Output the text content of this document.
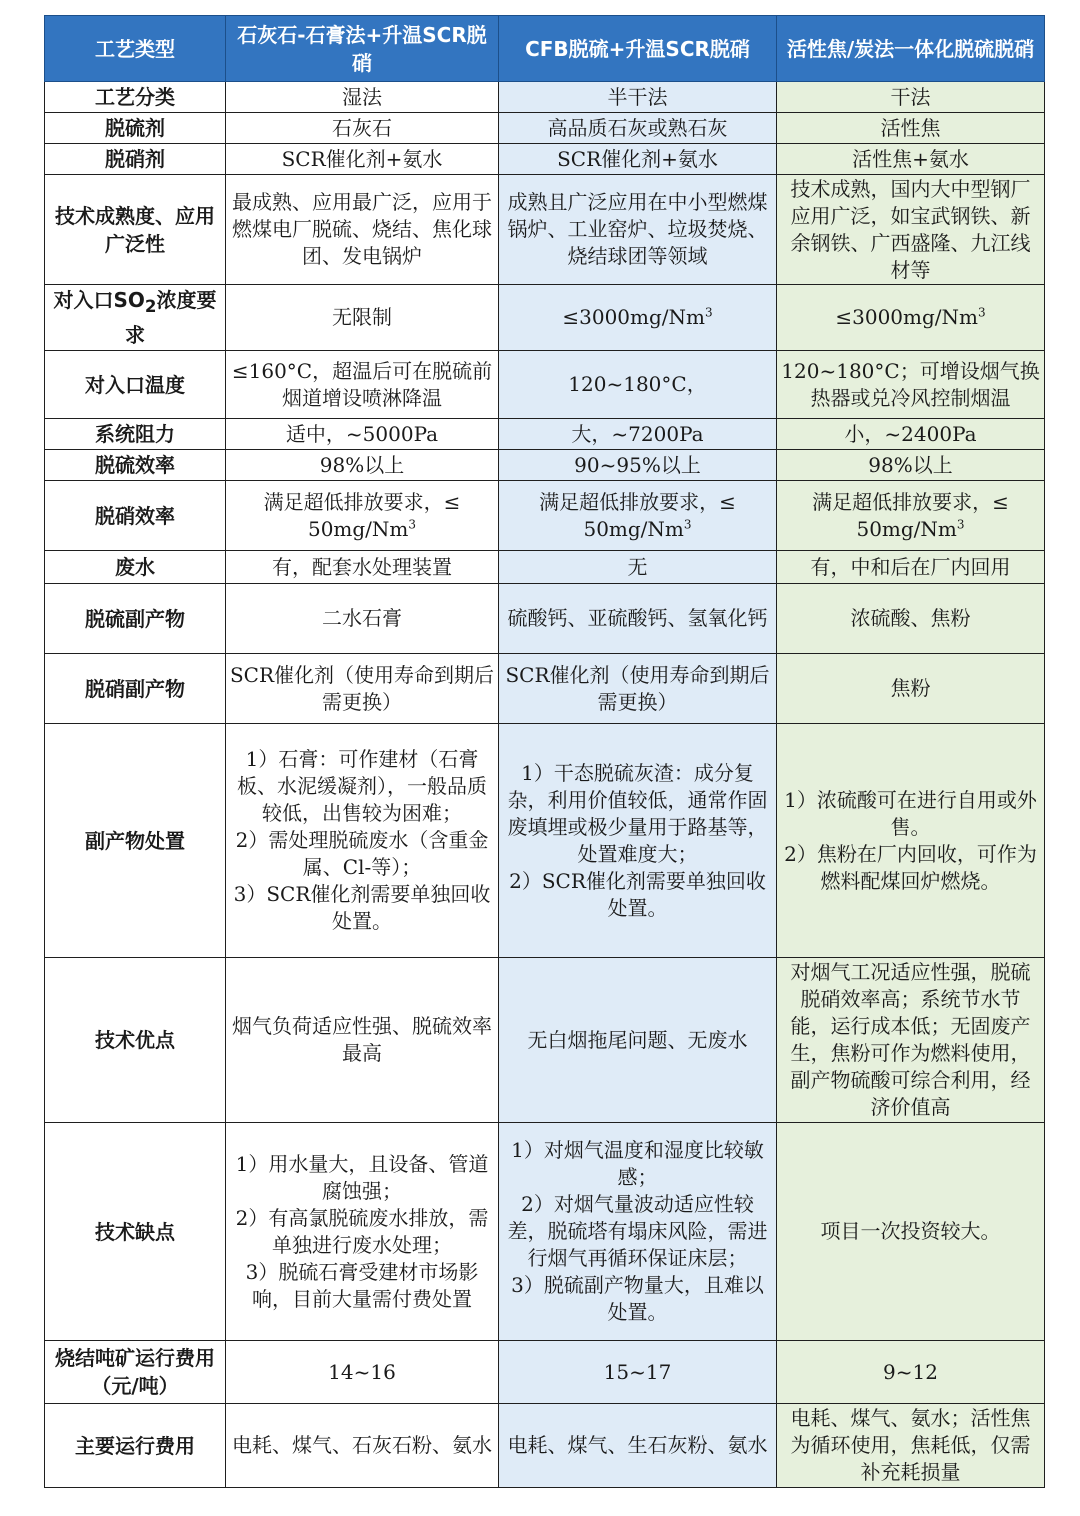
工艺类型	石灰石-石膏法+升温SCR脱硝	CFB脱硫+升温SCR脱硝	活性焦/炭法一体化脱硫脱硝
工艺分类	湿法	半干法	干法
脱硫剂	石灰石	高品质石灰或熟石灰	活性焦
脱硝剂	SCR催化剂+氨水	SCR催化剂+氨水	活性焦+氨水
技术成熟度、应用广泛性	最成熟、应用最广泛，应用于燃煤电厂脱硫、烧结、焦化球团、发电锅炉	成熟且广泛应用在中小型燃煤锅炉、工业窑炉、垃圾焚烧、烧结球团等领域	技术成熟，国内大中型钢厂应用广泛，如宝武钢铁、新余钢铁、广西盛隆、九江线材等
对入口$SO_2$浓度要求	无限制	$\le 3000mg/Nm^3$	$\le 3000mg/Nm^3$
对入口温度	≤160°C，超温后可在脱硫前烟道增设喷淋降温	120~180°C，	120~180°C；可增设烟气换热器或兑冷风控制烟温
系统阻力	适中，~5000Pa	大，~7200Pa	小，~2400Pa
脱硫效率	98%以上	90~95%以上	98%以上
脱硝效率	满足超低排放要求，≤ $50mg/Nm^3$	满足超低排放要求，≤ $50mg/Nm^3$	满足超低排放要求，≤ $50mg/Nm^3$
废水	有，配套水处理装置	无	有，中和后在厂内回用
脱硫副产物	二水石膏	硫酸钙、亚硫酸钙、氢氧化钙	浓硫酸、焦粉
脱硝副产物	SCR催化剂（使用寿命到期后需更换）	SCR催化剂（使用寿命到期后需更换）	焦粉
副产物处置	1）石膏：可作建材（石膏板、水泥缓凝剂），一般品质较低，出售较为困难；
2）需处理脱硫废水（含重金属、Cl-等）；
3）SCR催化剂需要单独回收处置。	1）干态脱硫灰渣：成分复杂，利用价值较低，通常作固废填埋或极少量用于路基等，处置难度大；
2）SCR催化剂需要单独回收处置。	1）浓硫酸可在进行自用或外售。
2）焦粉在厂内回收，可作为燃料配煤回炉燃烧。

技术优点	烟气负荷适应性强、脱硫效率最高	无白烟拖尾问题、无废水	对烟气工况适应性强，脱硫脱硝效率高；系统节水节能，运行成本低；无固废产生，焦粉可作为燃料使用，副产物硫酸可综合利用，经济价值高
技术缺点	1）用水量大，且设备、管道腐蚀强；
2）有高氯脱硫废水排放，需单独进行废水处理；
3）脱硫石膏受建材市场影响，目前大量需付费处置	1）对烟气温度和湿度比较敏感；
2）对烟气量波动适应性较差，脱硫塔有塌床风险，需进行烟气再循环保证床层；
3）脱硫副产物量大，且难以处置。	项目一次投资较大。
烧结吨矿运行费用（元/吨）	14~16	15~17	9~12
主要运行费用	电耗、煤气、石灰石粉、氨水	电耗、煤气、生石灰粉、氨水	电耗、煤气、氨水；活性焦为循环使用，焦耗低，仅需补充耗损量
